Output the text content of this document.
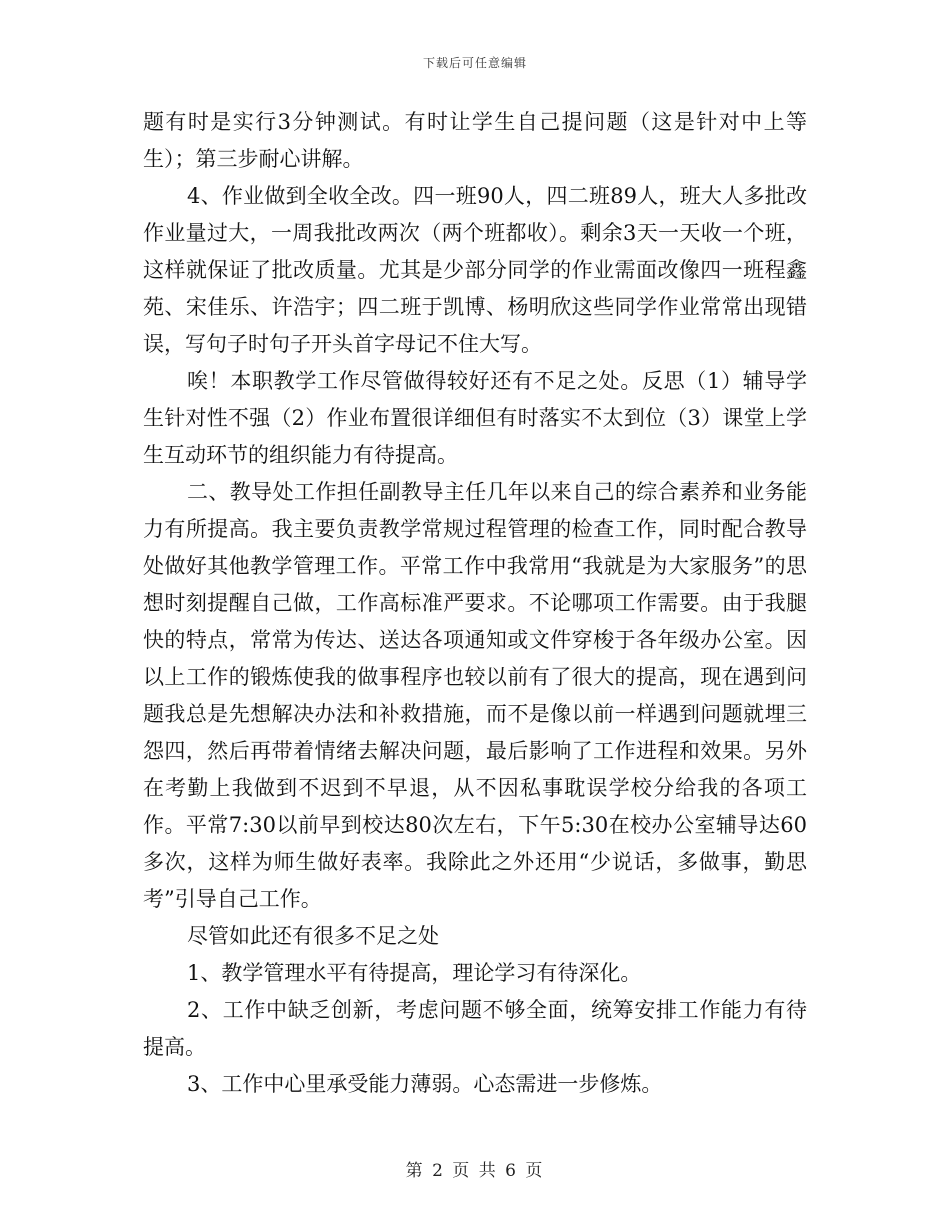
下载后可任意编辑

题有时是实行3分钟测试。有时让学生自己提问题（这是针对中上等生）；第三步耐心讲解。

4、作业做到全收全改。四一班90人，四二班89人，班大人多批改作业量过大，一周我批改两次（两个班都收）。剩余3天一天收一个班，这样就保证了批改质量。尤其是少部分同学的作业需面改像四一班程鑫苑、宋佳乐、许浩宇；四二班于凯博、杨明欣这些同学作业常常出现错误，写句子时句子开头首字母记不住大写。

唉！本职教学工作尽管做得较好还有不足之处。反思（1）辅导学生针对性不强（2）作业布置很详细但有时落实不太到位（3）课堂上学生互动环节的组织能力有待提高。

二、教导处工作担任副教导主任几年以来自己的综合素养和业务能力有所提高。我主要负责教学常规过程管理的检查工作，同时配合教导处做好其他教学管理工作。平常工作中我常用“我就是为大家服务”的思想时刻提醒自己做，工作高标准严要求。不论哪项工作需要。由于我腿快的特点，常常为传达、送达各项通知或文件穿梭于各年级办公室。因以上工作的锻炼使我的做事程序也较以前有了很大的提高，现在遇到问题我总是先想解决办法和补救措施，而不是像以前一样遇到问题就埋三怨四，然后再带着情绪去解决问题，最后影响了工作进程和效果。另外在考勤上我做到不迟到不早退，从不因私事耽误学校分给我的各项工作。平常7:30以前早到校达80次左右，下午5:30在校办公室辅导达60多次，这样为师生做好表率。我除此之外还用“少说话，多做事，勤思考”引导自己工作。

尽管如此还有很多不足之处

1、教学管理水平有待提高，理论学习有待深化。

2、工作中缺乏创新，考虑问题不够全面，统筹安排工作能力有待提高。

3、工作中心里承受能力薄弱。心态需进一步修炼。

第 2 页 共 6 页
